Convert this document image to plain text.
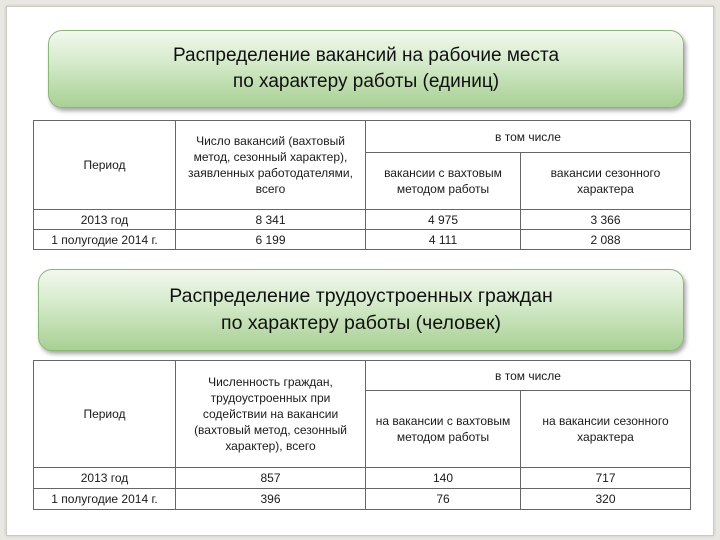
Распределение вакансий на рабочие места
по характеру работы (единиц)
Период	Число вакансий (вахтовый метод, сезонный характер), заявленных работодателями, всего	в том числе	
		вакансии с вахтовым методом работы	вакансии сезонного характера
2013 год	8 341	4 975	3 366
1 полугодие 2014 г.	6 199	4 111	2 088
Распределение трудоустроенных граждан
по характеру работы (человек)
Период	Численность граждан, трудоустроенных при содействии на вакансии (вахтовый метод, сезонный характер), всего	в том числе	
		на вакансии с вахтовым методом работы	на вакансии сезонного характера
2013 год	857	140	717
1 полугодие 2014 г.	396	76	320
